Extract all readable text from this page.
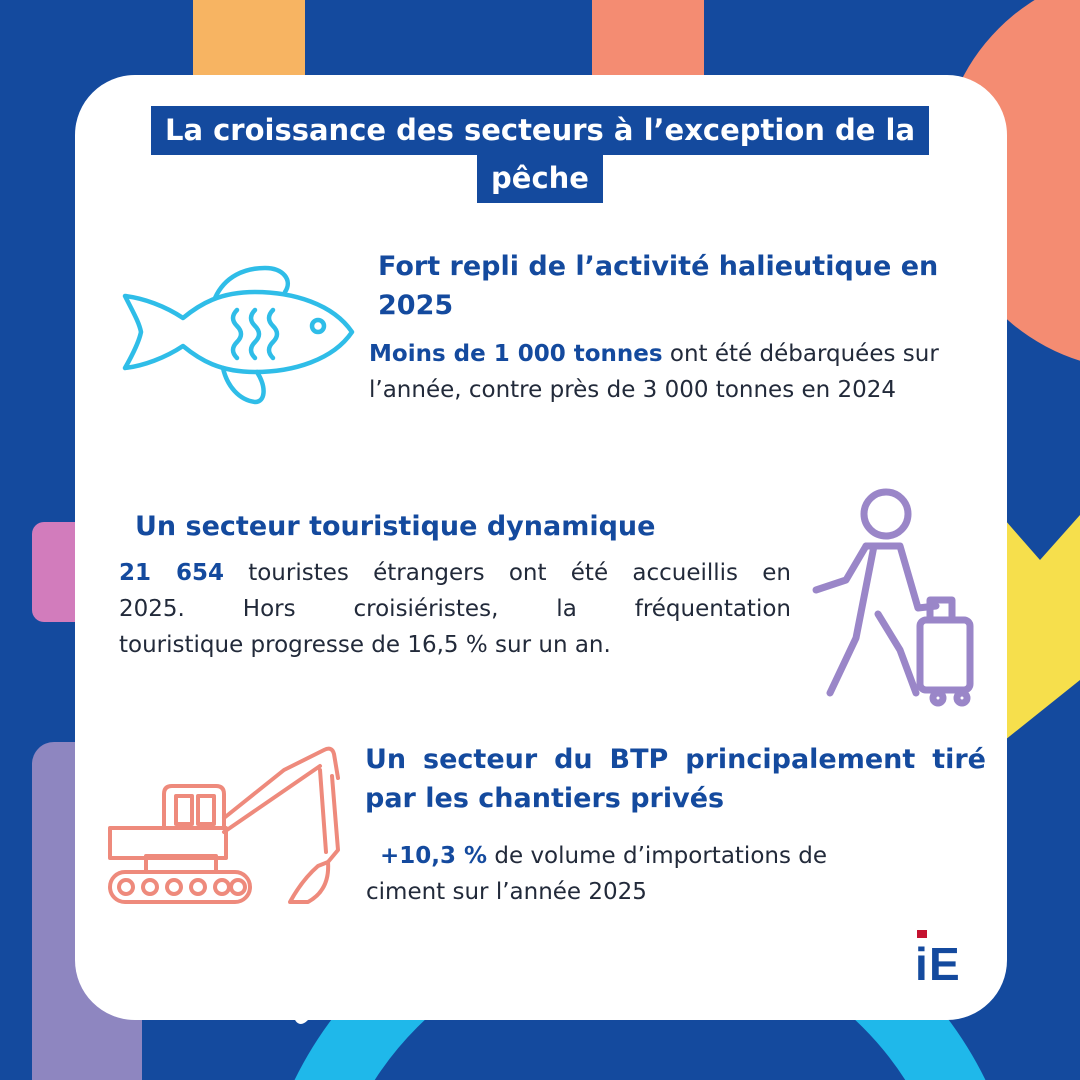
La croissance des secteurs à l’exception de la
pêche
Fort repli de l’activité halieutique en
2025
Moins de 1 000 tonnes ont été débarquées sur
l’année, contre près de 3 000 tonnes en 2024
Un secteur touristique dynamique
21 654 touristes étrangers ont été accueillis en
2025. Hors croisiéristes, la fréquentation
touristique progresse de 16,5 % sur un an.
Un secteur du BTP principalement tiré
par les chantiers privés
+10,3 % de volume d’importations de
ciment sur l’année 2025
i E
